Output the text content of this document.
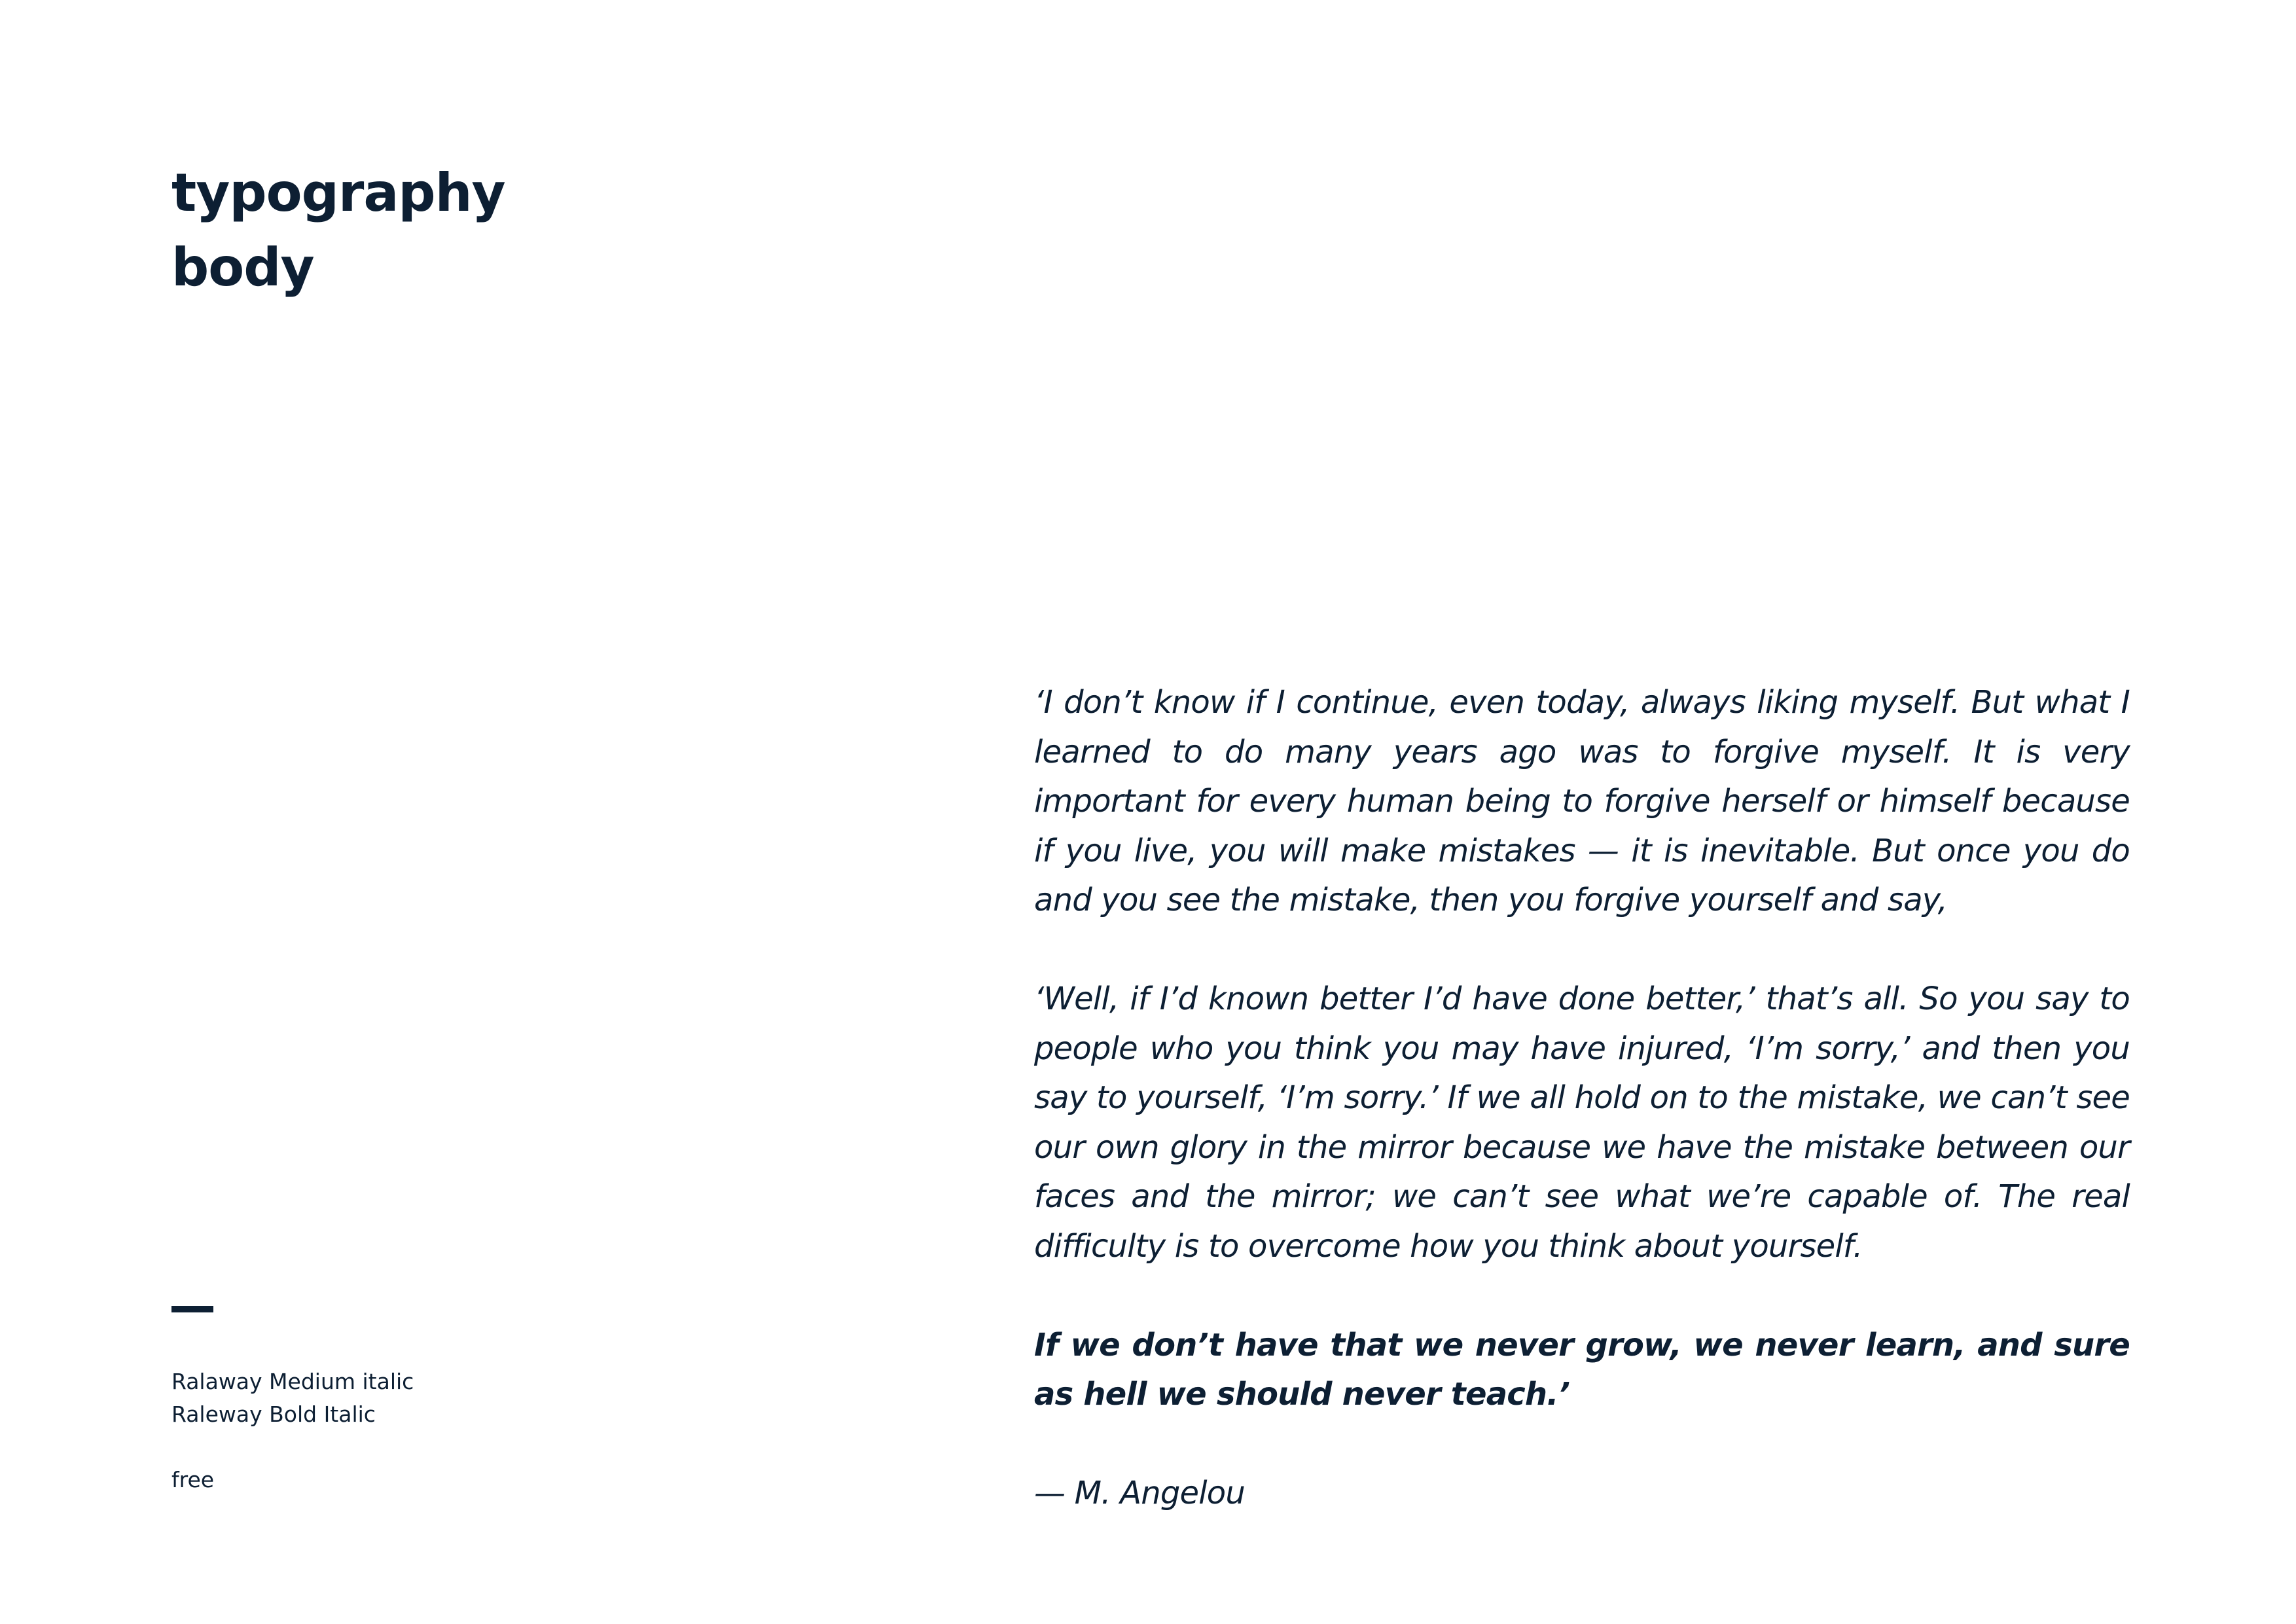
typography
body
Ralaway Medium italic
Raleway Bold Italic
free

‘I don’t know if I continue, even today, always liking myself. But what I learned to do many years ago was to forgive myself. It is very important for every human being to forgive herself or himself because if you live, you will make mistakes — it is inevitable. But once you do and you see the mistake, then you forgive yourself and say,

‘Well, if I’d known better I’d have done better,’ that’s all. So you say to people who you think you may have injured, ‘I’m sorry,’ and then you say to yourself, ‘I’m sorry.’ If we all hold on to the mistake, we can’t see our own glory in the mirror because we have the mistake between our faces and the mirror; we can’t see what we’re capable of. The real difficulty is to overcome how you think about yourself.

If we don’t have that we never grow, we never learn, and sure as hell we should never teach.’

— M. Angelou
